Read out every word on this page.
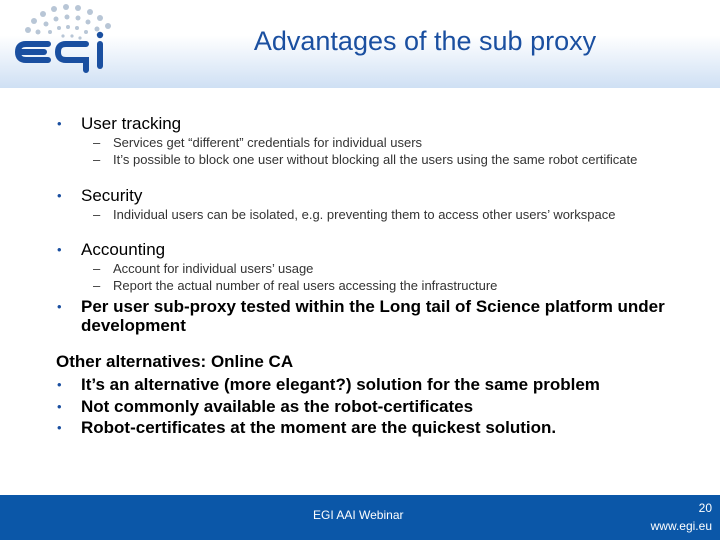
Advantages of the sub proxy
• User tracking
– Services get “different” credentials for individual users
– It’s possible to block one user without blocking all the users using the same robot certificate
• Security
– Individual users can be isolated, e.g. preventing them to access other users’ workspace
• Accounting
– Account for individual users’ usage
– Report the actual number of real users accessing the infrastructure
• Per user sub-proxy tested within the Long tail of Science platform under development
Other alternatives: Online CA
• It’s an alternative (more elegant?) solution for the same problem
• Not commonly available as the robot-certificates
• Robot-certificates at the moment are the quickest solution.
EGI AAI Webinar	20
www.egi.eu
